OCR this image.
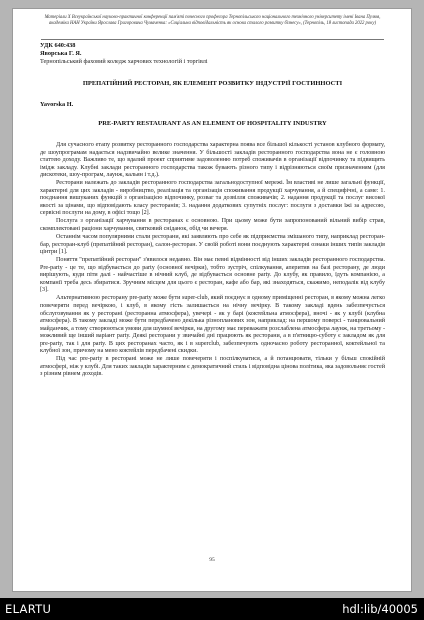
Матеріали X Всеукраїнської науково-практичної конференції пам'яті почесного професора Тернопільського національного технічного університету імені Івана Пулюя, академіка НАН України Ярослава Григоровича Чумаченка: «Соціальна відповідальність як основа сталого розвитку бізнесу», (Тернопіль, 18 листопада 2022 року)
УДК 640:438
Яворська Г. Я.
Тернопільський фаховий коледж харчових технологій і торгівлі
ПРЕПАТІЙНИЙ РЕСТОРАН, ЯК ЕЛЕМЕНТ РОЗВИТКУ ІНДУСТРІЇ ГОСТИННОСТІ
Yavorska H.
PRE-PARTY RESTAURANT AS AN ELEMENT OF HOSPITALITY INDUSTRY

Для сучасного етапу розвитку ресторанного господарства характерна поява все більшої кількості установ клубного формату, де шоупрограмам надається надзвичайно велике значення. У більшості закладів ресторанного господарства вона не є головною статтею доходу. Важливо те, що вдалий проект сприятиме задоволенню потреб споживачів в організації відпочинку та підвищить імідж закладу. Клубні заклади ресторанного господарства також бувають різного типу і відрізняються своїм призначенням (для дискотеки, шоу-програм, лаунж, кальян і т.д.).

Ресторани належать до закладів ресторанного господарства загальнодоступної мережі. Їм властиві не лише загальні функції, характерні для цих закладів - виробництво, реалізація та організація споживання продукції харчування, а й специфічні, а саме: 1. поєднання вишуканих функцій з організацією відпочинку, розваг та дозвілля споживачів; 2. надання продукції та послуг високої якості за цінами, що відповідають класу ресторанів; 3. надання додаткових супутніх послуг: послуги з доставки їжі за адресою, сервісні послуги на дому, в офісі тощо [2].

Послуга з організації харчування в ресторанах є основною. При цьому може бути запропонований вільний вибір страв, скомплектовані раціони харчування, святковий сніданок, обід чи вечеря.

Останнім часом популярними стали ресторани, які заявляють про себе як підприємства змішаного типу, наприклад ресторан-бар, ресторан-клуб (препатійний ресторан), салон-ресторан. У своїй роботі вони поєднують характерні ознаки інших типів закладів цінтри [1].

Поняття "препатійний ресторан" з'явилося недавно. Він має певні відмінності від інших закладів ресторанного господарства. Pre-party - це те, що відбувається до party (основної вечірки), тобто зустріч, спілкування, аперитив на базі ресторану, де люди вирішують, куди піти далі - найчастіше в нічний клуб, де відбувається основне party. До клубу, як правило, їдуть компанією, а компанії треба десь збиратися. Зручним місцем для цього є ресторан, кафе або бар, які знаходяться, скажимо, неподалік від клубу [3].

Альтернативною ресторану pre-party може бути super-club, який поєднує в одному приміщенні ресторан, в якому можна легко повечеряти перед вечіркою, і клуб, в якому гість залишається на нічну вечірку. В такому закладі вдень забезпечується обслуговування як у ресторані (ресторанна атмосфера), увечері - як у барі (коктейльна атмосфера), вночі - як у клубі (клубна атмосфера). В такому закладі може бути передбачено декілька різнопланових зон, наприклад: на першому поверсі - танцювальний майданчик, а тому створюються умови для шумної вечірки, на другому має переважати розслаблена атмосфера лаунж, на третьому - можливий ще інший варіант party. Деякі ресторани у звичайні дні працюють як ресторани, а в п'ятницю-суботу є закладом як для pre-party, так і для party. В цих ресторанах часто, як і в superclub, забезпечують одночасно роботу ресторанної, коктейльної та клубної зон, причому на мено коктейлів передбачені скидки.

Під час pre-party в ресторані може не лише повечеряти і поспілкуватися, а й потанцювати, тільки у більш спокійній атмосфері, ніж у клубі. Для таких закладів характерним є демократичний стиль і відповідна цінова політика, яка задовольняє гостей з різним рівнем доходів.

95
ELARTU	hdl:lib/40005
